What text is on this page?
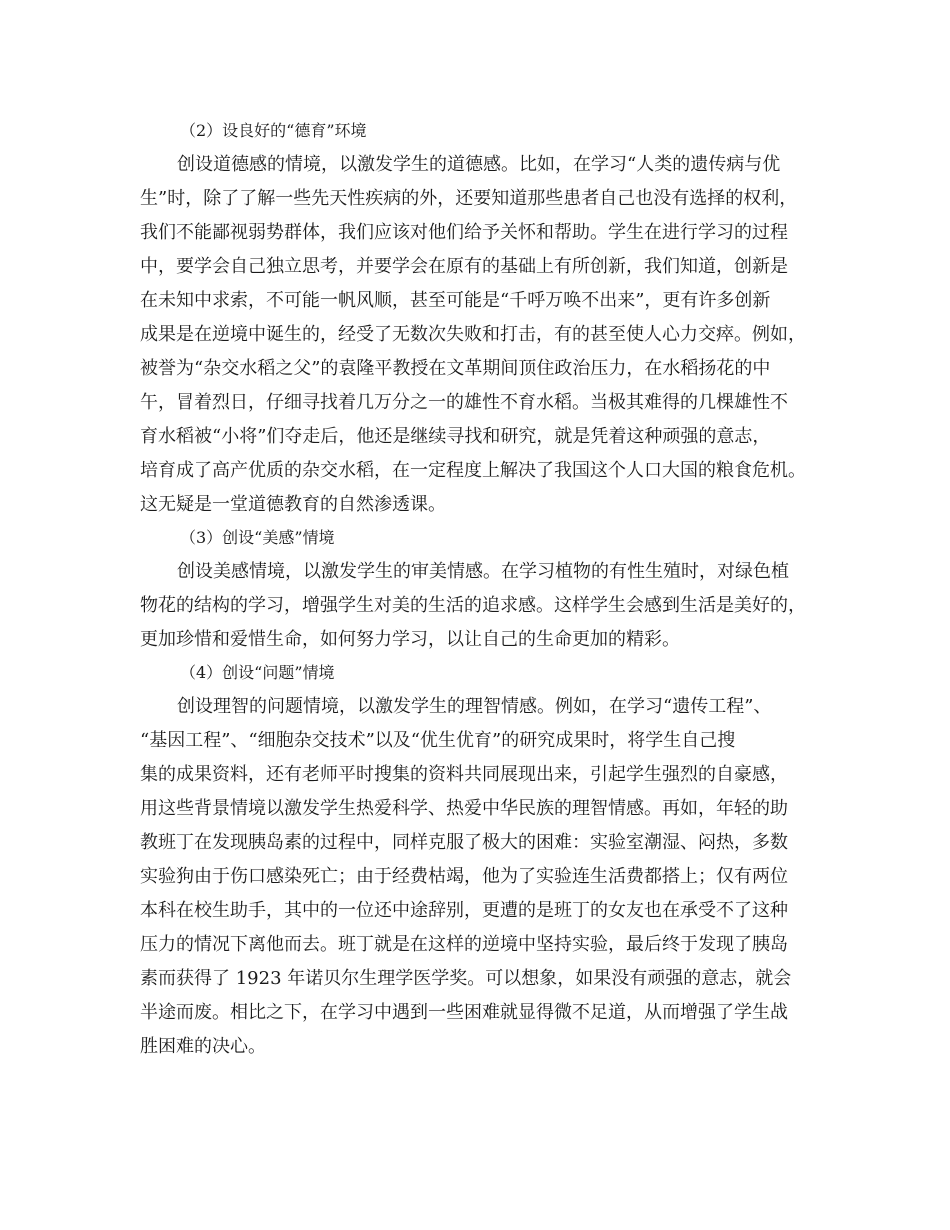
（2）设良好的“德育”环境
创设道德感的情境，以激发学生的道德感。比如，在学习“人类的遗传病与优
生”时，除了了解一些先天性疾病的外，还要知道那些患者自己也没有选择的权利，
我们不能鄙视弱势群体，我们应该对他们给予关怀和帮助。学生在进行学习的过程
中，要学会自己独立思考，并要学会在原有的基础上有所创新，我们知道，创新是
在未知中求索，不可能一帆风顺，甚至可能是“千呼万唤不出来”，更有许多创新
成果是在逆境中诞生的，经受了无数次失败和打击，有的甚至使人心力交瘁。例如，
被誉为“杂交水稻之父”的袁隆平教授在文革期间顶住政治压力，在水稻扬花的中
午，冒着烈日，仔细寻找着几万分之一的雄性不育水稻。当极其难得的几棵雄性不
育水稻被“小将”们夺走后，他还是继续寻找和研究，就是凭着这种顽强的意志，
培育成了高产优质的杂交水稻，在一定程度上解决了我国这个人口大国的粮食危机。
这无疑是一堂道德教育的自然渗透课。
（3）创设“美感”情境
创设美感情境，以激发学生的审美情感。在学习植物的有性生殖时，对绿色植
物花的结构的学习，增强学生对美的生活的追求感。这样学生会感到生活是美好的，
更加珍惜和爱惜生命，如何努力学习，以让自己的生命更加的精彩。
（4）创设“问题”情境
创设理智的问题情境，以激发学生的理智情感。例如，在学习“遗传工程”、
“基因工程”、“细胞杂交技术”以及“优生优育”的研究成果时，将学生自己搜
集的成果资料，还有老师平时搜集的资料共同展现出来，引起学生强烈的自豪感，
用这些背景情境以激发学生热爱科学、热爱中华民族的理智情感。再如，年轻的助
教班丁在发现胰岛素的过程中，同样克服了极大的困难：实验室潮湿、闷热，多数
实验狗由于伤口感染死亡；由于经费枯竭，他为了实验连生活费都搭上；仅有两位
本科在校生助手，其中的一位还中途辞别，更遭的是班丁的女友也在承受不了这种
压力的情况下离他而去。班丁就是在这样的逆境中坚持实验，最后终于发现了胰岛
素而获得了 1923 年诺贝尔生理学医学奖。可以想象，如果没有顽强的意志，就会
半途而废。相比之下，在学习中遇到一些困难就显得微不足道，从而增强了学生战
胜困难的决心。
